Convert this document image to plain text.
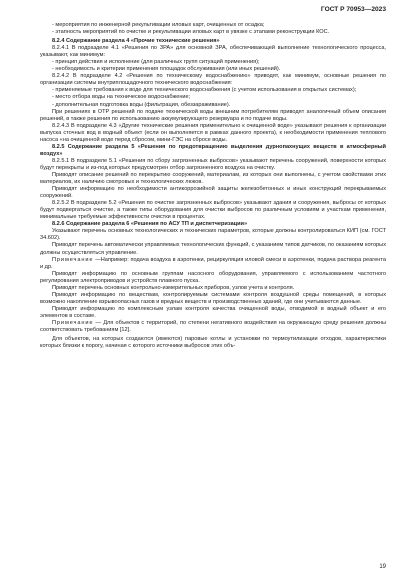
ГОСТ Р 70953—2023

- мероприятия по инженерной рекультивации иловых карт, очищенных от осадка;

- этапность мероприятий по очистке и рекультивации иловых карт в увязке с этапами реконструкции КОС.

8.2.4 Содержание раздела 4 «Прочие технические решения»

8.2.4.1 В подразделе 4.1 «Решения по ЗРА» для основной ЗРА, обеспечивающей выполнение технологического процесса, указывают, как минимум:

- принцип действия и исполнение (для различных групп ситуаций применения);

- необходимость и критерии применения площадок обслуживания (или иных решений).

8.2.4.2 В подразделе 4.2 «Решения по техническому водоснабжению» приводят, как минимум, основные решения по организации системы внутриплощадочного технического водоснабжения:

- применяемые требования к воде для технического водоснабжения (с учетом использования в открытых системах);

- место отбора воды на техническое водоснабжение;

- дополнительная подготовка воды (фильтрация, обеззараживание).

При решениях в ОТР решений по подаче технической воды внешним потребителям приводят аналогичный объем описания решений, в также решения по использованию аккумулирующего резервуара и по подаче воды.

8.2.4.3 В подразделе 4.3 «Другие технические решения применительно к очищенной воде» указывают решения к организации выпуска сточных вод в водный объект (если он выполняется в рамках данного проекта), к необходимости применения теплового насоса «на очищенной воде перед сбросом, мини-ГЭС на сбросе воды.

8.2.5 Содержание раздела 5 «Решения по предотвращению выделения дурнопахнущих веществ в атмосферный воздух»

8.2.5.1 В подразделе 5.1 «Решения по сбору загрязненных выбросов» указывают перечень сооружений, поверхности которых будут перекрыты и из-под которых предусмотрен отбор загрязненного воздуха на очистку.

Приводят описание решений по перекрытию сооружений, материалам, из которых они выполнены, с учетом свойствами этих материалов, их наличию смотровых и технологических люков.

Приводят информацию по необходимости антикоррозийной защиты железобетонных и иных конструкций перекрываемых сооружений.

8.2.5.2 В подразделе 5.2 «Решения по очистке загрязненных выбросов» указывают здания и сооружения, выбросы от которых будут подвергаться очистке, а также типы оборудования для очистки выбросов по различным условиям и участкам применения, минимальные требуемые эффективности очистки в процентах.

8.2.6 Содержание раздела 6 «Решения по АСУ ТП и диспетчеризации»

Указывают перечень основных технологических и технических параметров, которые должны контролироваться КИП (см. ГОСТ 34.602).

Приводят перечень автоматически управляемых технологических функций, с указанием типов датчиков, по оказаниям которых должны осуществляться управление.

Примечание —Например: подача воздуха в аэротенки, рециркуляция иловой смеси в аэротенки, подача раствора реагента и др.

Приводят информацию по основным группам насосного оборудования, управляемого с использованием частотного регулирования электроприводов и устройств плавного пуска.

Приводят перечень основных контрольно-измерительных приборов, узлов учета и контроля.

Приводят информацию по веществам, контролируемым системами контроля воздушной среды помещений, в которых возможно накопление взрывоопасных газов и вредных веществ и производственных зданий, где они учитываются данные.

Приводят информацию по комплексным узлам контроля качества очищенной воды, отводимой в водный объект и его элементов в составе.

Примечание — Для объектов с территорий, по степени негативного воздействия на окружающую среду решения должны соответствовать требованиям [12].

Для объектов, на которых создаются (имеются) паровые котлы и установки по термоутилизации отходов, характеристики которых близки к порогу, начиная с которого источники выбросов этих объ-

19
